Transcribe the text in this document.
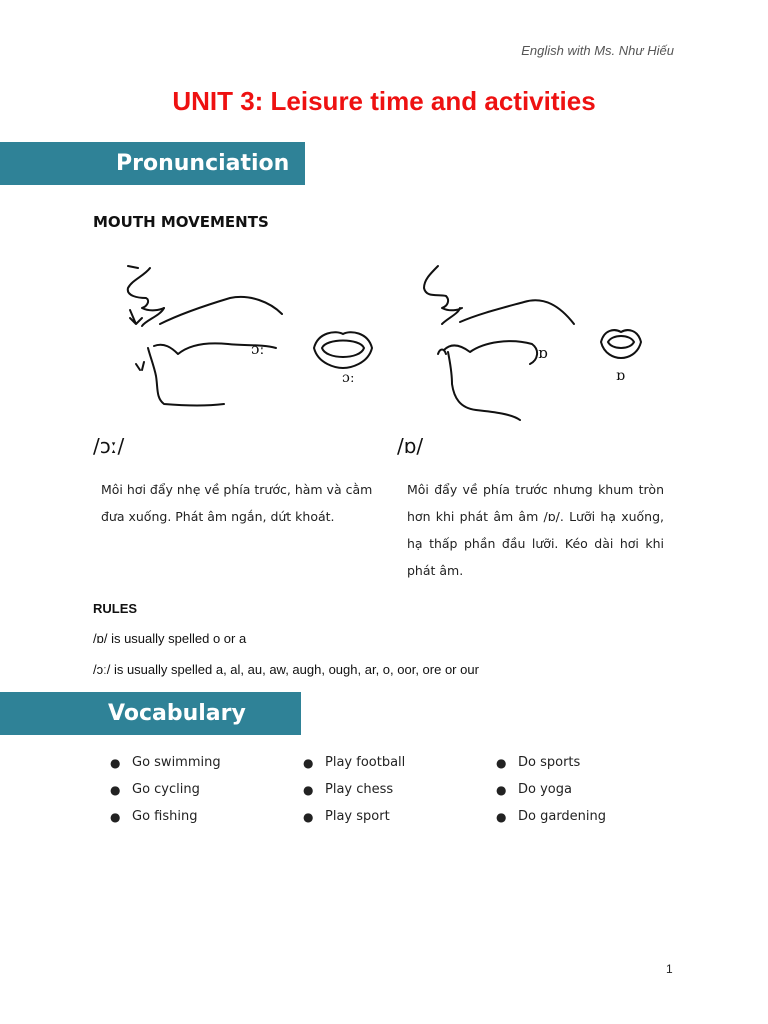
English with Ms. Như Hiếu
UNIT 3: Leisure time and activities
Pronunciation
MOUTH MOVEMENTS
ɔː
ɔː
ɒ
ɒ
/ɔː/	/ɒ/
Môi hơi đẩy nhẹ về phía trước, hàm và cằm đưa xuống. Phát âm ngắn, dứt khoát.
Môi đẩy về phía trước nhưng khum tròn hơn khi phát âm âm /ɒ/. Lưỡi hạ xuống, hạ thấp phần đầu lưỡi. Kéo dài hơi khi phát âm.
RULES
/ɒ/ is usually spelled o or a
/ɔː/ is usually spelled a, al, au, aw, augh, ough, ar, o, oor, ore or our
Vocabulary
● Go swimming
● Go cycling
● Go fishing
● Play football
● Play chess
● Play sport
● Do sports
● Do yoga
● Do gardening
1
